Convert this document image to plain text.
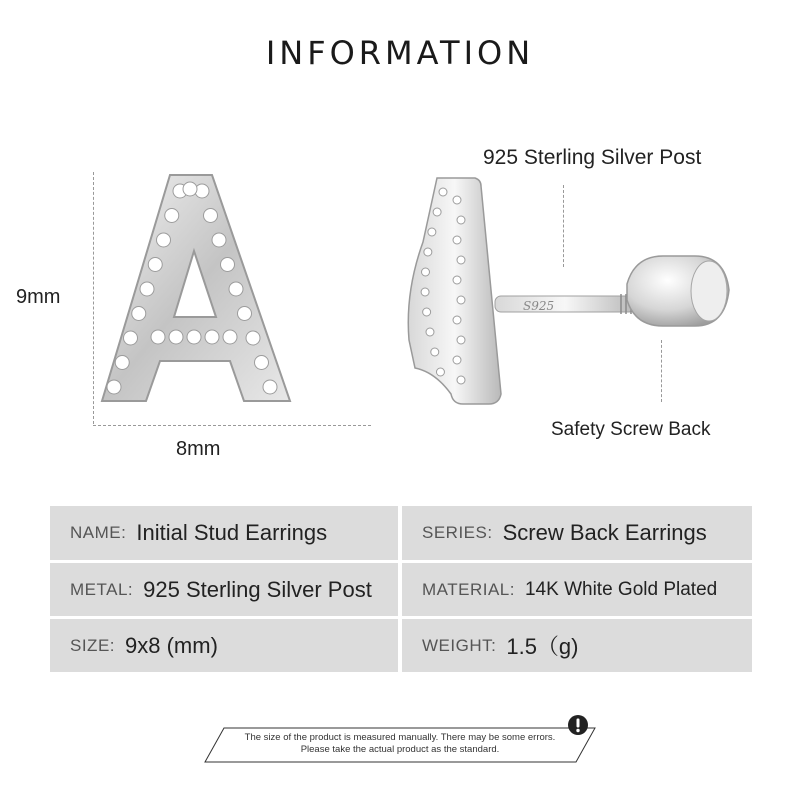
INFORMATION
9mm
8mm
S925
925 Sterling Silver Post
Safety Screw Back
NAME: Initial Stud Earrings	SERIES: Screw Back Earrings
METAL: 925 Sterling Silver Post	MATERIAL: 14K White Gold Plated
SIZE: 9x8 (mm)	WEIGHT: 1.5（g)
The size of the product is measured manually. There may be some errors.
Please take the actual product as the standard.
